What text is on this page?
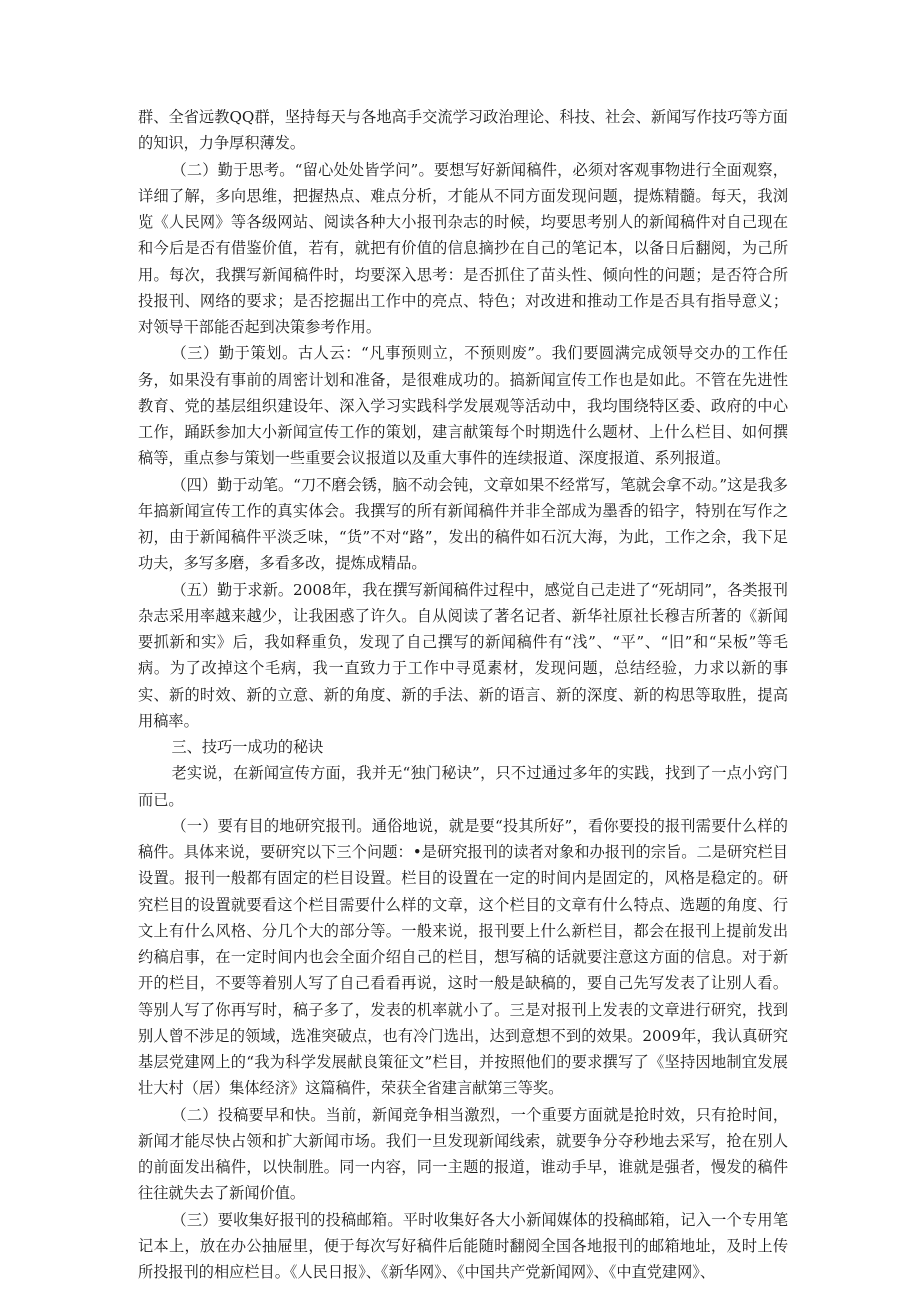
群、全省远教QQ群，坚持每天与各地高手交流学习政治理论、科技、社会、新闻写作技巧等方面的知识，力争厚积薄发。

（二）勤于思考。“留心处处皆学问”。要想写好新闻稿件，必须对客观事物进行全面观察，详细了解，多向思维，把握热点、难点分析，才能从不同方面发现问题，提炼精髓。每天，我浏览《人民网》等各级网站、阅读各种大小报刊杂志的时候，均要思考别人的新闻稿件对自己现在和今后是否有借鉴价值，若有，就把有价值的信息摘抄在自己的笔记本，以备日后翻阅，为己所用。每次，我撰写新闻稿件时，均要深入思考：是否抓住了苗头性、倾向性的问题；是否符合所投报刊、网络的要求；是否挖掘出工作中的亮点、特色；对改进和推动工作是否具有指导意义；对领导干部能否起到决策参考作用。

（三）勤于策划。古人云：“凡事预则立，不预则废”。我们要圆满完成领导交办的工作任务，如果没有事前的周密计划和准备，是很难成功的。搞新闻宣传工作也是如此。不管在先进性教育、党的基层组织建设年、深入学习实践科学发展观等活动中，我均围绕特区委、政府的中心工作，踊跃参加大小新闻宣传工作的策划，建言献策每个时期选什么题材、上什么栏目、如何撰稿等，重点参与策划一些重要会议报道以及重大事件的连续报道、深度报道、系列报道。

（四）勤于动笔。“刀不磨会锈，脑不动会钝，文章如果不经常写，笔就会拿不动。”这是我多年搞新闻宣传工作的真实体会。我撰写的所有新闻稿件并非全部成为墨香的铅字，特别在写作之初，由于新闻稿件平淡乏味，“货”不对“路”，发出的稿件如石沉大海，为此，工作之余，我下足功夫，多写多磨，多看多改，提炼成精品。

（五）勤于求新。2008年，我在撰写新闻稿件过程中，感觉自己走进了“死胡同”，各类报刊杂志采用率越来越少，让我困惑了许久。自从阅读了著名记者、新华社原社长穆吉所著的《新闻要抓新和实》后，我如释重负，发现了自己撰写的新闻稿件有“浅”、“平”、“旧”和“呆板”等毛病。为了改掉这个毛病，我一直致力于工作中寻觅素材，发现问题，总结经验，力求以新的事实、新的时效、新的立意、新的角度、新的手法、新的语言、新的深度、新的构思等取胜，提高用稿率。

三、技巧一成功的秘诀

老实说，在新闻宣传方面，我并无“独门秘诀”，只不过通过多年的实践，找到了一点小窍门而已。

（一）要有目的地研究报刊。通俗地说，就是要“投其所好”，看你要投的报刊需要什么样的稿件。具体来说，要研究以下三个问题：•是研究报刊的读者对象和办报刊的宗旨。二是研究栏目设置。报刊一般都有固定的栏目设置。栏目的设置在一定的时间内是固定的，风格是稳定的。研究栏目的设置就要看这个栏目需要什么样的文章，这个栏目的文章有什么特点、选题的角度、行文上有什么风格、分几个大的部分等。一般来说，报刊要上什么新栏目，都会在报刊上提前发出约稿启事，在一定时间内也会全面介绍自己的栏目，想写稿的话就要注意这方面的信息。对于新开的栏目，不要等着别人写了自己看看再说，这时一般是缺稿的，要自己先写发表了让别人看。等别人写了你再写时，稿子多了，发表的机率就小了。三是对报刊上发表的文章进行研究，找到别人曾不涉足的领域，选准突破点，也有冷门选出，达到意想不到的效果。2009年，我认真研究基层党建网上的“我为科学发展献良策征文”栏目，并按照他们的要求撰写了《坚持因地制宜发展壮大村（居）集体经济》这篇稿件，荣获全省建言献第三等奖。

（二）投稿要早和快。当前，新闻竞争相当激烈，一个重要方面就是抢时效，只有抢时间，新闻才能尽快占领和扩大新闻市场。我们一旦发现新闻线索，就要争分夺秒地去采写，抢在别人的前面发出稿件，以快制胜。同一内容，同一主题的报道，谁动手早，谁就是强者，慢发的稿件往往就失去了新闻价值。

（三）要收集好报刊的投稿邮箱。平时收集好各大小新闻媒体的投稿邮箱，记入一个专用笔记本上，放在办公抽屉里，便于每次写好稿件后能随时翻阅全国各地报刊的邮箱地址，及时上传所投报刊的相应栏目。《人民日报》、《新华网》、《中国共产党新闻网》、《中直党建网》、
